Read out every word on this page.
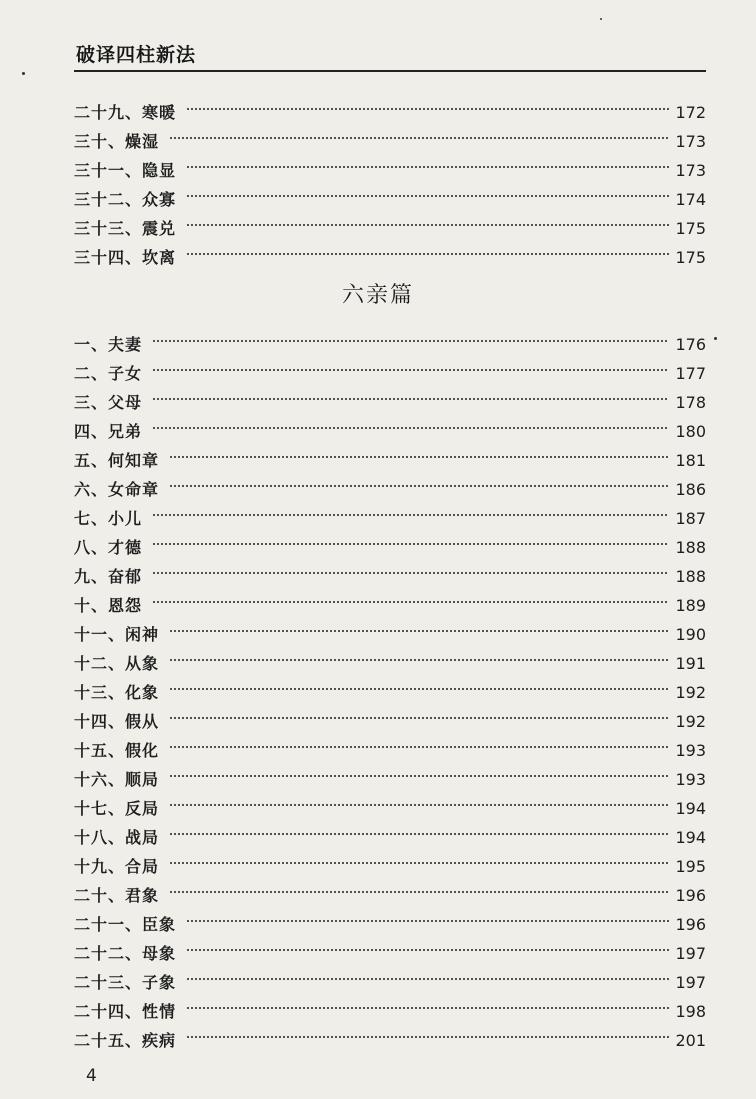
破译四柱新法
二十九、寒暖	172
三十、燥湿	173
三十一、隐显	173
三十二、众寡	174
三十三、震兑	175
三十四、坎离	175
六亲篇
一、夫妻	176
二、子女	177
三、父母	178
四、兄弟	180
五、何知章	181
六、女命章	186
七、小儿	187
八、才德	188
九、奋郁	188
十、恩怨	189
十一、闲神	190
十二、从象	191
十三、化象	192
十四、假从	192
十五、假化	193
十六、顺局	193
十七、反局	194
十八、战局	194
十九、合局	195
二十、君象	196
二十一、臣象	196
二十二、母象	197
二十三、子象	197
二十四、性情	198
二十五、疾病	201
4
